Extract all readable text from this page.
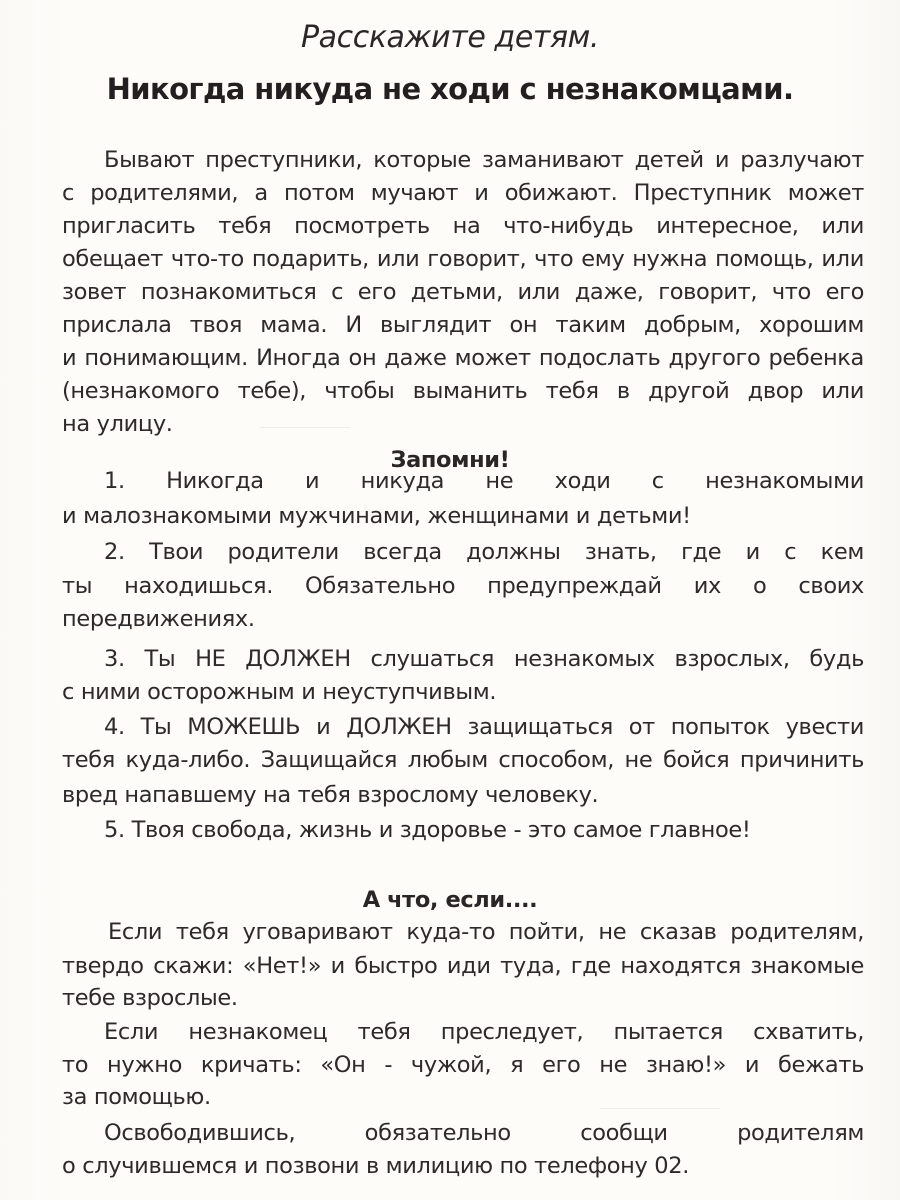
Расскажите детям.
Никогда никуда не ходи с незнакомцами.
Бывают преступники, которые заманивают детей и разлучают
с родителями, а потом мучают и обижают. Преступник может
пригласить тебя посмотреть на что-нибудь интересное, или
обещает что-то подарить, или говорит, что ему нужна помощь, или
зовет познакомиться с его детьми, или даже, говорит, что его
прислала твоя мама. И выглядит он таким добрым, хорошим
и понимающим. Иногда он даже может подослать другого ребенка
(незнакомого тебе), чтобы выманить тебя в другой двор или
на улицу.
Запомни!
1. Никогда и никуда не ходи с незнакомыми
и малознакомыми мужчинами, женщинами и детьми!
2. Твои родители всегда должны знать, где и с кем
ты находишься. Обязательно предупреждай их о своих
передвижениях.
3. Ты НЕ ДОЛЖЕН слушаться незнакомых взрослых, будь
с ними осторожным и неуступчивым.
4. Ты МОЖЕШЬ и ДОЛЖЕН защищаться от попыток увести
тебя куда-либо. Защищайся любым способом, не бойся причинить
вред напавшему на тебя взрослому человеку.
5. Твоя свобода, жизнь и здоровье - это самое главное!
А что, если....
Если тебя уговаривают куда-то пойти, не сказав родителям,
твердо скажи: «Нет!» и быстро иди туда, где находятся знакомые
тебе взрослые.
Если незнакомец тебя преследует, пытается схватить,
то нужно кричать: «Он - чужой, я его не знаю!» и бежать
за помощью.
Освободившись, обязательно сообщи родителям
о случившемся и позвони в милицию по телефону 02.
